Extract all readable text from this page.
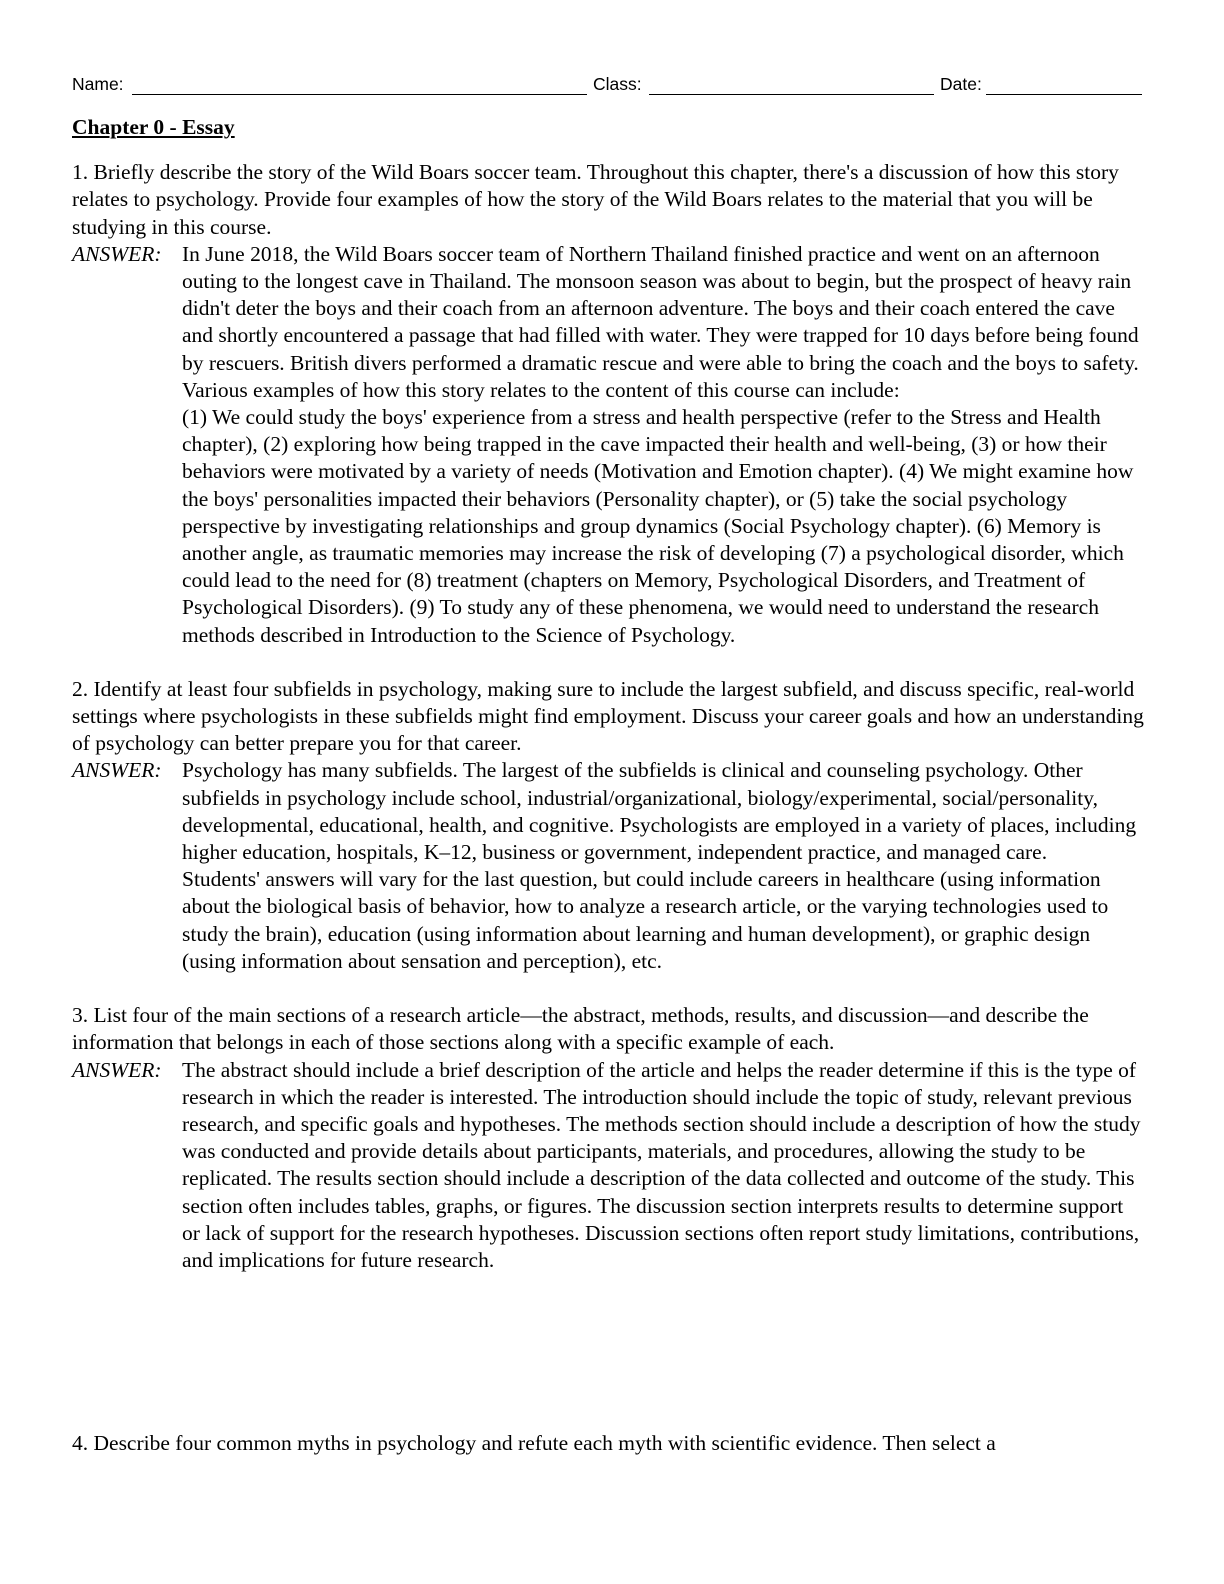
Name:	Class:	Date:
Chapter 0 - Essay

1. Briefly describe the story of the Wild Boars soccer team. Throughout this chapter, there's a discussion of how this story relates to psychology. Provide four examples of how the story of the Wild Boars relates to the material that you will be studying in this course.

ANSWER: In June 2018, the Wild Boars soccer team of Northern Thailand finished practice and went on an afternoon outing to the longest cave in Thailand. The monsoon season was about to begin, but the prospect of heavy rain didn't deter the boys and their coach from an afternoon adventure. The boys and their coach entered the cave and shortly encountered a passage that had filled with water. They were trapped for 10 days before being found by rescuers. British divers performed a dramatic rescue and were able to bring the coach and the boys to safety.

Various examples of how this story relates to the content of this course can include:

(1) We could study the boys' experience from a stress and health perspective (refer to the Stress and Health chapter), (2) exploring how being trapped in the cave impacted their health and well-being, (3) or how their behaviors were motivated by a variety of needs (Motivation and Emotion chapter). (4) We might examine how the boys' personalities impacted their behaviors (Personality chapter), or (5) take the social psychology perspective by investigating relationships and group dynamics (Social Psychology chapter). (6) Memory is another angle, as traumatic memories may increase the risk of developing (7) a psychological disorder, which could lead to the need for (8) treatment (chapters on Memory, Psychological Disorders, and Treatment of Psychological Disorders). (9) To study any of these phenomena, we would need to understand the research methods described in Introduction to the Science of Psychology.

2. Identify at least four subfields in psychology, making sure to include the largest subfield, and discuss specific, real-world settings where psychologists in these subfields might find employment. Discuss your career goals and how an understanding of psychology can better prepare you for that career.

ANSWER: Psychology has many subfields. The largest of the subfields is clinical and counseling psychology. Other subfields in psychology include school, industrial/organizational, biology/experimental, social/personality, developmental, educational, health, and cognitive. Psychologists are employed in a variety of places, including higher education, hospitals, K–12, business or government, independent practice, and managed care.

Students' answers will vary for the last question, but could include careers in healthcare (using information about the biological basis of behavior, how to analyze a research article, or the varying technologies used to study the brain), education (using information about learning and human development), or graphic design (using information about sensation and perception), etc.

3. List four of the main sections of a research article—the abstract, methods, results, and discussion—and describe the information that belongs in each of those sections along with a specific example of each.

ANSWER: The abstract should include a brief description of the article and helps the reader determine if this is the type of research in which the reader is interested. The introduction should include the topic of study, relevant previous research, and specific goals and hypotheses. The methods section should include a description of how the study was conducted and provide details about participants, materials, and procedures, allowing the study to be replicated. The results section should include a description of the data collected and outcome of the study. This section often includes tables, graphs, or figures. The discussion section interprets results to determine support or lack of support for the research hypotheses. Discussion sections often report study limitations, contributions, and implications for future research.

4. Describe four common myths in psychology and refute each myth with scientific evidence. Then select a
